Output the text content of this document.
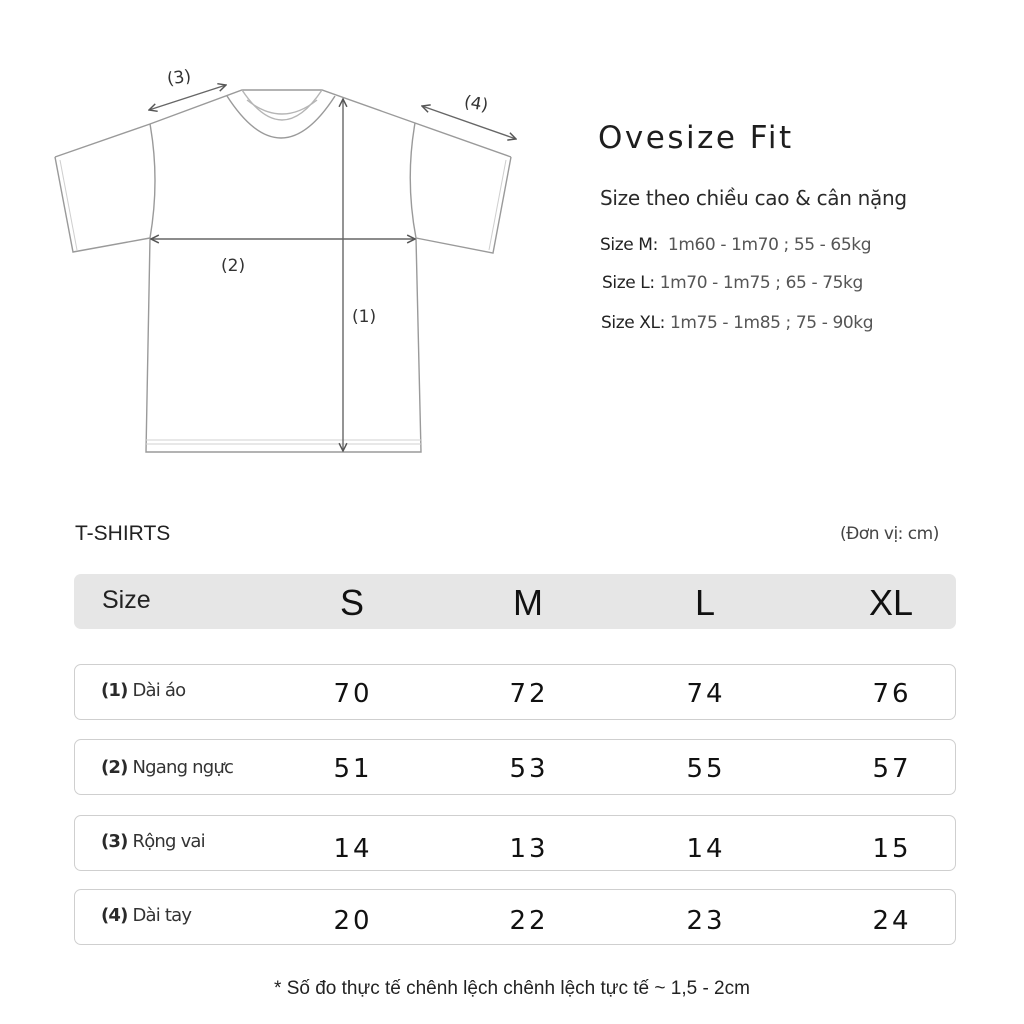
(1)
(2)
(3)
(4)
Ovesize Fit
Size theo chiều cao & cân nặng
Size M: 1m60 - 1m70 ; 55 - 65kg
Size L: 1m70 - 1m75 ; 65 - 75kg
Size XL: 1m75 - 1m85 ; 75 - 90kg
T-SHIRTS	(Đơn vị: cm)
Size	S	M	L	XL
(1) Dài áo	70	72	74	76
(2) Ngang ngực	51	53	55	57
(3) Rộng vai	14	13	14	15
(4) Dài tay	20	22	23	24
* Số đo thực tế chênh lệch chênh lệch tực tế ~ 1,5 - 2cm
